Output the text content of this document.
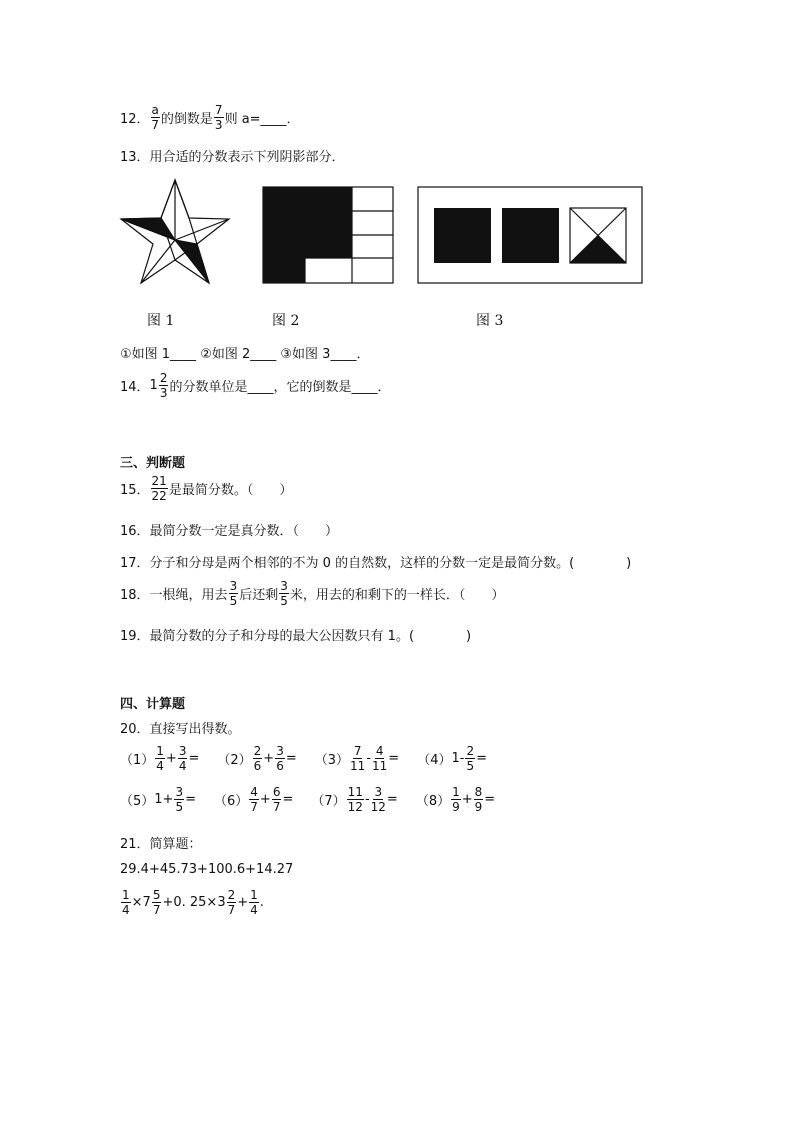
12． $\frac{a}{7}$ 的倒数是 $\frac{7}{3}$ 则 a=____．
13．用合适的分数表示下列阴影部分．
图 1	图 2	图 3
①如图 1____ ②如图 2____ ③如图 3____．
14． $1 \frac{2}{3}$ 的分数单位是____，它的倒数是____．
三、判断题
15． $\frac{21}{22}$ 是最简分数。（　　）
16．最简分数一定是真分数．（　　）
17．分子和分母是两个相邻的不为 0 的自然数，这样的分数一定是最简分数。(　　　　)
18． 一根绳，用去 $\frac{3}{5}$ 后还剩 $\frac{3}{5}$ 米，用去的和剩下的一样长．（　　）
19．最简分数的分子和分母的最大公因数只有 1。(　　　　)
四、计算题
20．直接写出得数。
$(1) \frac{1}{4} + \frac{3}{4} = (2) \frac{2}{6} + \frac{3}{6} = (3) \frac{7}{11} - \frac{4}{11} = (4)$ $1- \frac{2}{5}$ =
（5） $1+ \frac{3}{5} = (6) \frac{4}{7} + \frac{6}{7} = (7) \frac{11}{12} - \frac{3}{12} = (8) \frac{1}{9} + \frac{8}{9}$ =
21．简算题：
29.4+45.73+100.6+14.27
$\frac{1}{4} \times 7 \frac{5}{7} +0$. $25\times 3 \frac{2}{7} + \frac{1}{4}$ .
